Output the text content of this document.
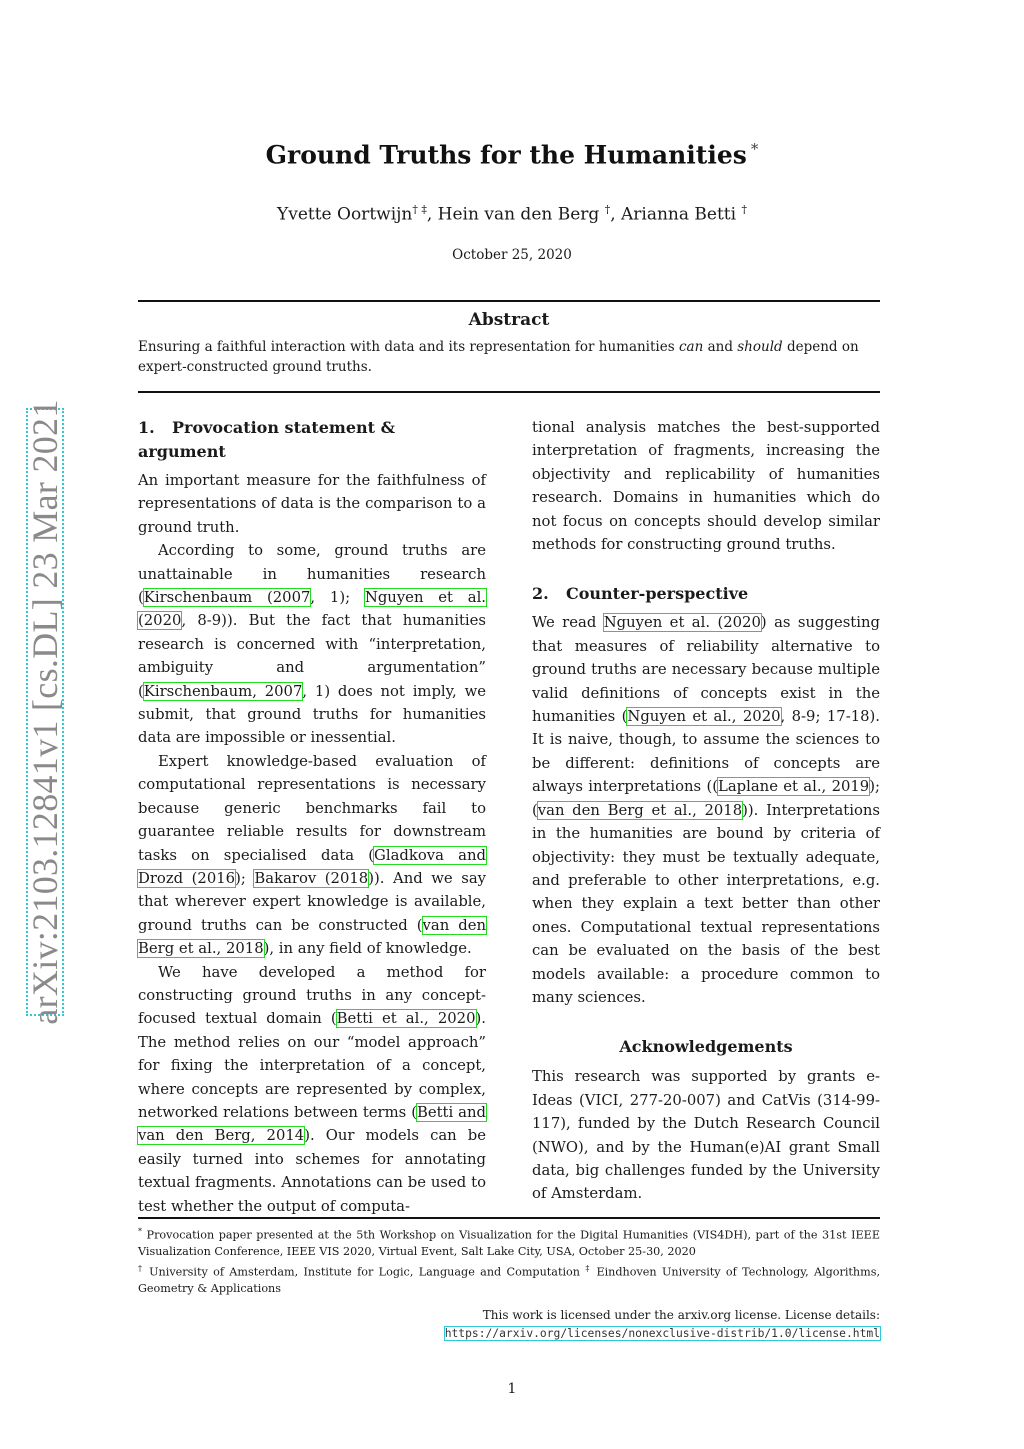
arXiv:2103.12841v1 [cs.DL] 23 Mar 2021
Ground Truths for the Humanities *
Yvette Oortwijn† ‡, Hein van den Berg †, Arianna Betti †
October 25, 2020
Abstract
Ensuring a faithful interaction with data and its representation for humanities can and should depend on expert-constructed ground truths.
1. Provocation statement & argument

An important measure for the faithfulness of representations of data is the comparison to a ground truth.

According to some, ground truths are unattainable in humanities research (Kirschenbaum (2007, 1); Nguyen et al. (2020, 8-9)). But the fact that humanities research is concerned with “interpretation, ambiguity and argumentation” (Kirschenbaum, 2007, 1) does not imply, we submit, that ground truths for humanities data are impossible or inessential.

Expert knowledge-based evaluation of computational representations is necessary because generic benchmarks fail to guarantee reliable results for downstream tasks on specialised data (Gladkova and Drozd (2016); Bakarov (2018)). And we say that wherever expert knowledge is available, ground truths can be constructed (van den Berg et al., 2018), in any field of knowledge.

We have developed a method for constructing ground truths in any concept-focused textual domain (Betti et al., 2020). The method relies on our “model approach” for fixing the interpretation of a concept, where concepts are represented by complex, networked relations between terms (Betti and van den Berg, 2014). Our models can be easily turned into schemes for annotating textual fragments. Annotations can be used to test whether the output of computa-

tional analysis matches the best-supported interpretation of fragments, increasing the objectivity and replicability of humanities research. Domains in humanities which do not focus on concepts should develop similar methods for constructing ground truths.

2. Counter-perspective

We read Nguyen et al. (2020) as suggesting that measures of reliability alternative to ground truths are necessary because multiple valid definitions of concepts exist in the humanities (Nguyen et al., 2020, 8-9; 17-18). It is naive, though, to assume the sciences to be different: definitions of concepts are always interpretations ((Laplane et al., 2019); (van den Berg et al., 2018)). Interpretations in the humanities are bound by criteria of objectivity: they must be textually adequate, and preferable to other interpretations, e.g. when they explain a text better than other ones. Computational textual representations can be evaluated on the basis of the best models available: a procedure common to many sciences.

Acknowledgements

This research was supported by grants e-Ideas (VICI, 277-20-007) and CatVis (314-99-117), funded by the Dutch Research Council (NWO), and by the Human(e)AI grant Small data, big challenges funded by the University of Amsterdam.

* Provocation paper presented at the 5th Workshop on Visualization for the Digital Humanities (VIS4DH), part of the 31st IEEE Visualization Conference, IEEE VIS 2020, Virtual Event, Salt Lake City, USA, October 25-30, 2020

† University of Amsterdam, Institute for Logic, Language and Computation ‡ Eindhoven University of Technology, Algorithms, Geometry & Applications

This work is licensed under the arxiv.org license. License details:
https://arxiv.org/licenses/nonexclusive-distrib/1.0/license.html
1
